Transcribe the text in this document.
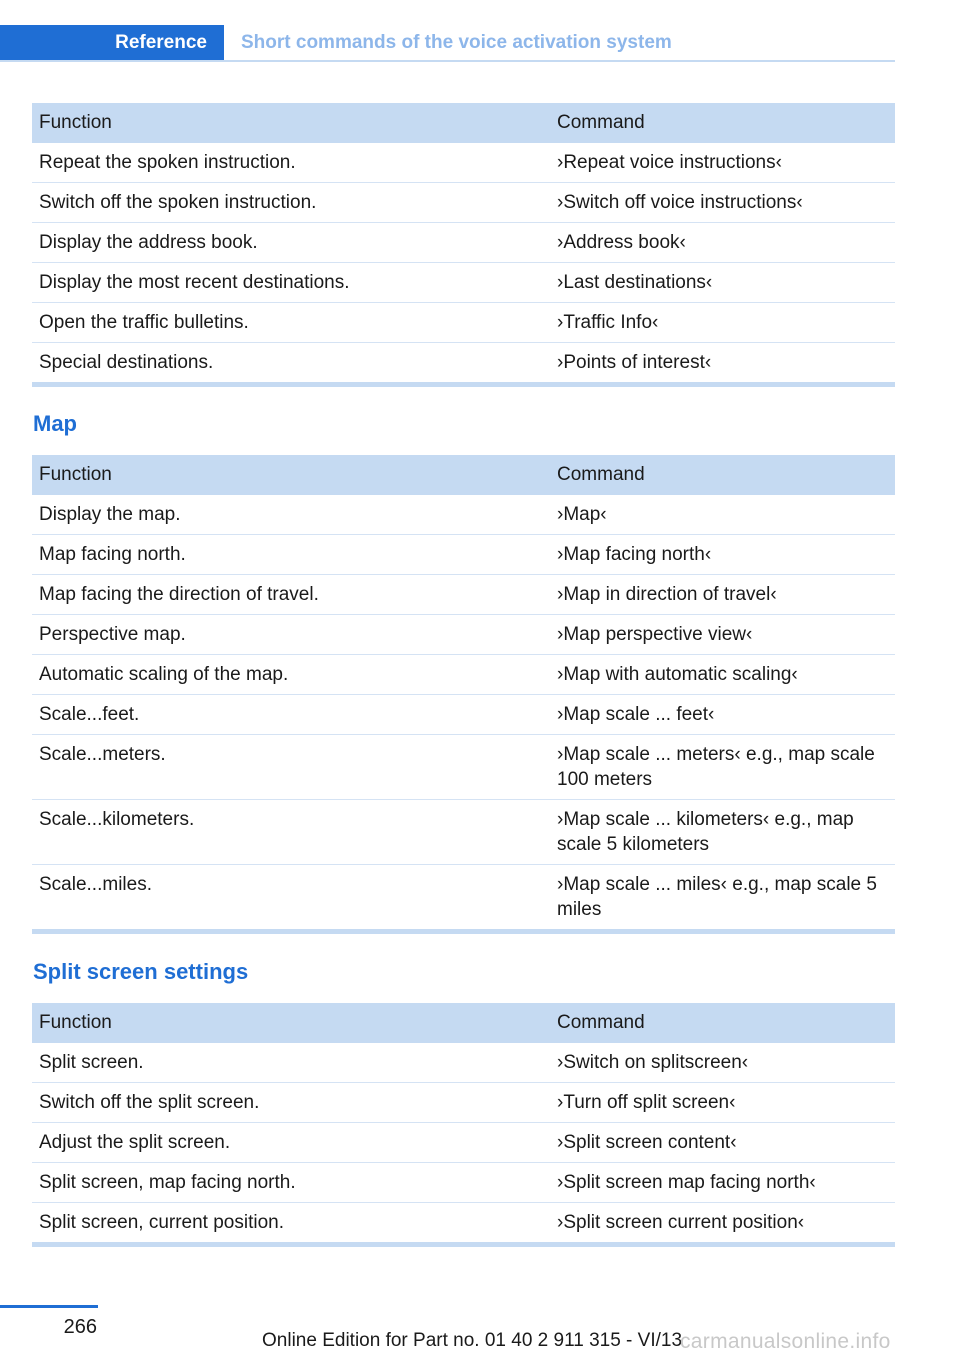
Reference	Short commands of the voice activation system
Function	Command
Repeat the spoken instruction.	›Repeat voice instructions‹
Switch off the spoken instruction.	›Switch off voice instructions‹
Display the address book.	›Address book‹
Display the most recent destinations.	›Last destinations‹
Open the traffic bulletins.	›Traffic Info‹
Special destinations.	›Points of interest‹
Map
Function	Command
Display the map.	›Map‹
Map facing north.	›Map facing north‹
Map facing the direction of travel.	›Map in direction of travel‹
Perspective map.	›Map perspective view‹
Automatic scaling of the map.	›Map with automatic scaling‹
Scale...feet.	›Map scale ... feet‹
Scale...meters.	›Map scale ... meters‹ e.g., map scale 100 meters
Scale...kilometers.	›Map scale ... kilometers‹ e.g., map scale 5 kilometers
Scale...miles.	›Map scale ... miles‹ e.g., map scale 5 miles
Split screen settings
Function	Command
Split screen.	›Switch on splitscreen‹
Switch off the split screen.	›Turn off split screen‹
Adjust the split screen.	›Split screen content‹
Split screen, map facing north.	›Split screen map facing north‹
Split screen, current position.	›Split screen current position‹
266
Online Edition for Part no. 01 40 2 911 315 - VI/13
carmanualsonline.info
